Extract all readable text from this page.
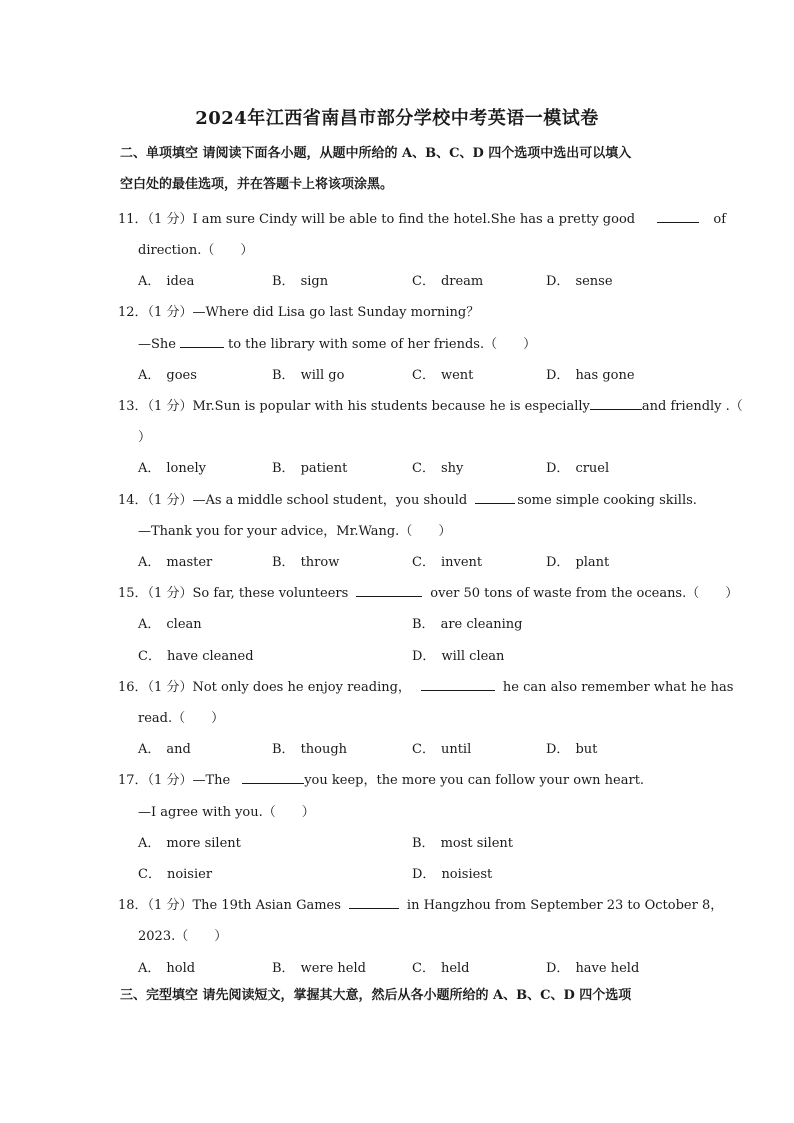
2024年江西省南昌市部分学校中考英语一模试卷
二、单项填空 请阅读下面各小题，从题中所给的 A、B、C、D 四个选项中选出可以填入
空白处的最佳选项，并在答题卡上将该项涂黑。
11．（1 分）I am sure Cindy will be able to find the hotel.She has a pretty good	of
direction.（　　）
A． idea	B． sign	C． dream	D． sense
12．（1 分）—Where did Lisa go last Sunday morning？
—She	to the library with some of her friends.（　　）
A． goes	B． will go	C． went	D． has gone
13．（1 分）Mr.Sun is popular with his students because he is especially	and friendly .（
）
A． lonely	B． patient	C． shy	D． cruel
14．（1 分）—As a middle school student，you should	some simple cooking skills.
—Thank you for your advice，Mr.Wang.（　　）
A． master	B． throw	C． invent	D． plant
15．（1 分）So far, these volunteers	over 50 tons of waste from the oceans.（　　）
A． clean	B． are cleaning
C． have cleaned	D． will clean
16．（1 分）Not only does he enjoy reading，	he can also remember what he has
read.（　　）
A． and	B． though	C． until	D． but
17．（1 分）—The	you keep，the more you can follow your own heart.
—I agree with you.（　　）
A． more silent	B． most silent
C． noisier	D． noisiest
18．（1 分）The 19th Asian Games	in Hangzhou from September 23 to October 8，
2023.（　　）
A． hold	B． were held	C． held	D． have held
三、完型填空 请先阅读短文，掌握其大意，然后从各小题所给的 A、B、C、D 四个选项
